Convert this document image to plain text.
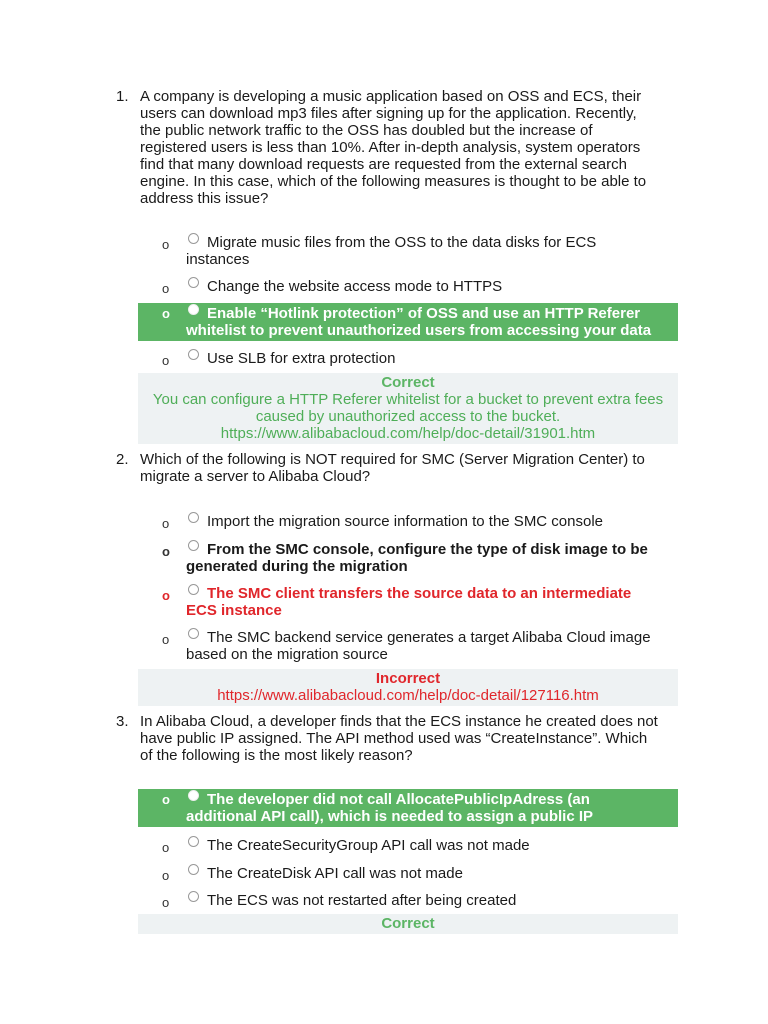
1. A company is developing a music application based on OSS and ECS, their
users can download mp3 files after signing up for the application. Recently,
the public network traffic to the OSS has doubled but the increase of
registered users is less than 10%. After in-depth analysis, system operators
find that many download requests are requested from the external search
engine. In this case, which of the following measures is thought to be able to
address this issue?
o	Migrate music files from the OSS to the data disks for ECS
instances
o	Change the website access mode to HTTPS
o Enable “Hotlink protection” of OSS and use an HTTP Referer
whitelist to prevent unauthorized users from accessing your data
o	Use SLB for extra protection
Correct
You can configure a HTTP Referer whitelist for a bucket to prevent extra fees
caused by unauthorized access to the bucket.
https://www.alibabacloud.com/help/doc-detail/31901.htm
2. Which of the following is NOT required for SMC (Server Migration Center) to
migrate a server to Alibaba Cloud?
o	Import the migration source information to the SMC console
o From the SMC console, configure the type of disk image to be
generated during the migration
o The SMC client transfers the source data to an intermediate
ECS instance
o	The SMC backend service generates a target Alibaba Cloud image
based on the migration source
Incorrect
https://www.alibabacloud.com/help/doc-detail/127116.htm
3. In Alibaba Cloud, a developer finds that the ECS instance he created does not
have public IP assigned. The API method used was “CreateInstance”. Which
of the following is the most likely reason?
o The developer did not call AllocatePublicIpAdress (an
additional API call), which is needed to assign a public IP
o	The CreateSecurityGroup API call was not made
o	The CreateDisk API call was not made
o	The ECS was not restarted after being created
Correct
